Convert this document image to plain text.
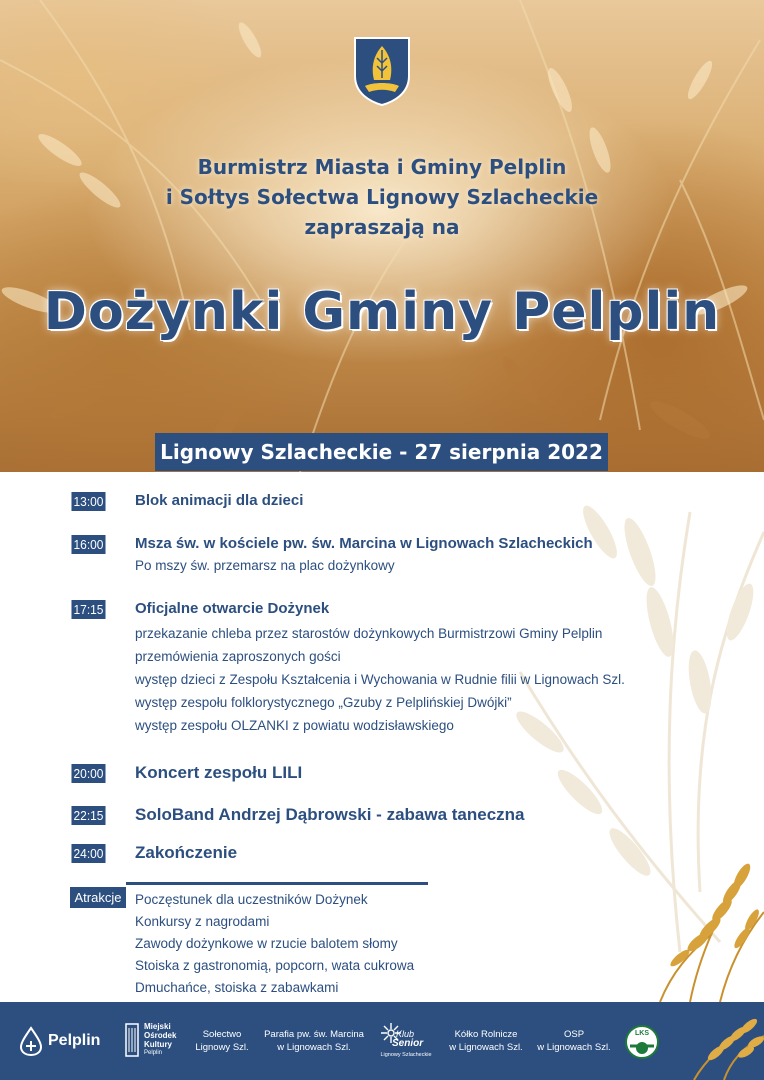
Burmistrz Miasta i Gminy Pelplin
i Sołtys Sołectwa Lignowy Szlacheckie
zapraszają na
Dożynki Gminy Pelplin
Lignowy Szlacheckie - 27 sierpnia 2022
13:00 Blok animacji dla dzieci
16:00 Msza św. w kościele pw. św. Marcina w Lignowach Szlacheckich
Po mszy św. przemarsz na plac dożynkowy
17:15 Oficjalne otwarcie Dożynek
przekazanie chleba przez starostów dożynkowych Burmistrzowi Gminy Pelplin
przemówienia zaproszonych gości
występ dzieci z Zespołu Kształcenia i Wychowania w Rudnie filii w Lignowach Szl.
występ zespołu folklorystycznego „Gzuby z Pelplińskiej Dwójki”
występ zespołu OLZANKI z powiatu wodzisławskiego
20:00 Koncert zespołu LILI
22:15 SoloBand Andrzej Dąbrowski - zabawa taneczna
24:00 Zakończenie
Atrakcje	Poczęstunek dla uczestników Dożynek
Konkursy z nagrodami
Zawody dożynkowe w rzucie balotem słomy
Stoiska z gastronomią, popcorn, wata cukrowa
Dmuchańce, stoiska z zabawkami
Pelplin
Miejski
Ośrodek
Kultury
Pelplin
Sołectwo
Lignowy Szl.
Parafia pw. św. Marcina
w Lignowach Szl.
Klub
Senior
Lignowy Szlacheckie
Kółko Rolnicze
w Lignowach Szl.
OSP
w Lignowach Szl.
LKS
